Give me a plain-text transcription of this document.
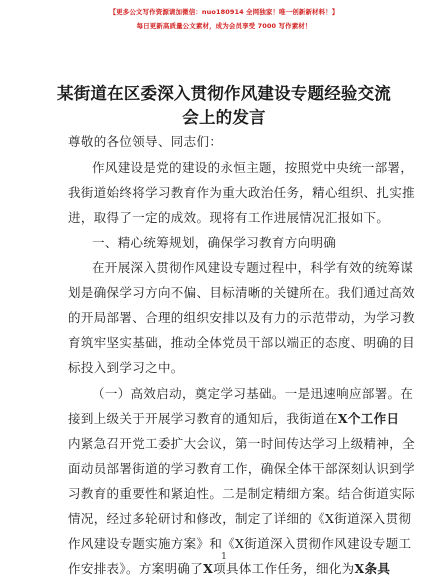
【更多公文写作资源请加微信：nuo180914 全网独家！唯一创新新材料！】
每日更新高质量公文素材，成为会员享受 7000 写作素材！
某街道在区委深入贯彻作风建设专题经验交流
会上的发言
尊敬的各位领导、同志们：
作风建设是党的建设的永恒主题，按照党中央统一部署，
我街道始终将学习教育作为重大政治任务，精心组织、扎实推
进，取得了一定的成效。现将有工作进展情况汇报如下。
一、精心统筹规划，确保学习教育方向明确
在开展深入贯彻作风建设专题过程中，科学有效的统筹谋
划是确保学习方向不偏、目标清晰的关键所在。我们通过高效
的开局部署、合理的组织安排以及有力的示范带动，为学习教
育筑牢坚实基础，推动全体党员干部以端正的态度、明确的目
标投入到学习之中。
（一）高效启动，奠定学习基础。一是迅速响应部署。在
接到上级关于开展学习教育的通知后，我街道在X个工作日
内紧急召开党工委扩大会议，第一时间传达学习上级精神，全
面动员部署街道的学习教育工作，确保全体干部深刻认识到学
习教育的重要性和紧迫性。二是制定精细方案。结合街道实际
情况，经过多轮研讨和修改，制定了详细的《X街道深入贯彻
作风建设专题实施方案》和《X街道深入贯彻作风建设专题工
作安排表》。方案明确了X项具体工作任务，细化为X条具
1
